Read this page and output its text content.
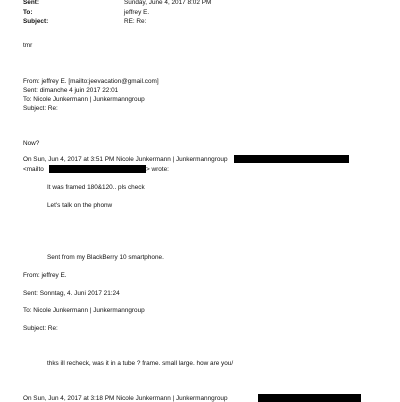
Sent:	Sunday, June 4, 2017 8:02 PM
To:	jeffrey E.
Subject:	RE: Re:
tmr
From: jeffrey E. [mailto:jeevacation@gmail.com]
Sent: dimanche 4 juin 2017 22:01
To: Nicole Junkermann | Junkermanngroup
Subject: Re:
Now?
On Sun, Jun 4, 2017 at 3:51 PM Nicole Junkermann | Junkermanngroup
<mailto	> wrote:
It was framed 180&120.. pls check
Let's talk on the phonw
Sent from my BlackBerry 10 smartphone.
From: jeffrey E.
Sent: Sonntag, 4. Juni 2017 21:24
To: Nicole Junkermann | Junkermanngroup
Subject: Re:
thks ill recheck, was it in a tube ? frame. small large. how are you/
On Sun, Jun 4, 2017 at 3:18 PM Nicole Junkermann | Junkermanngroup
